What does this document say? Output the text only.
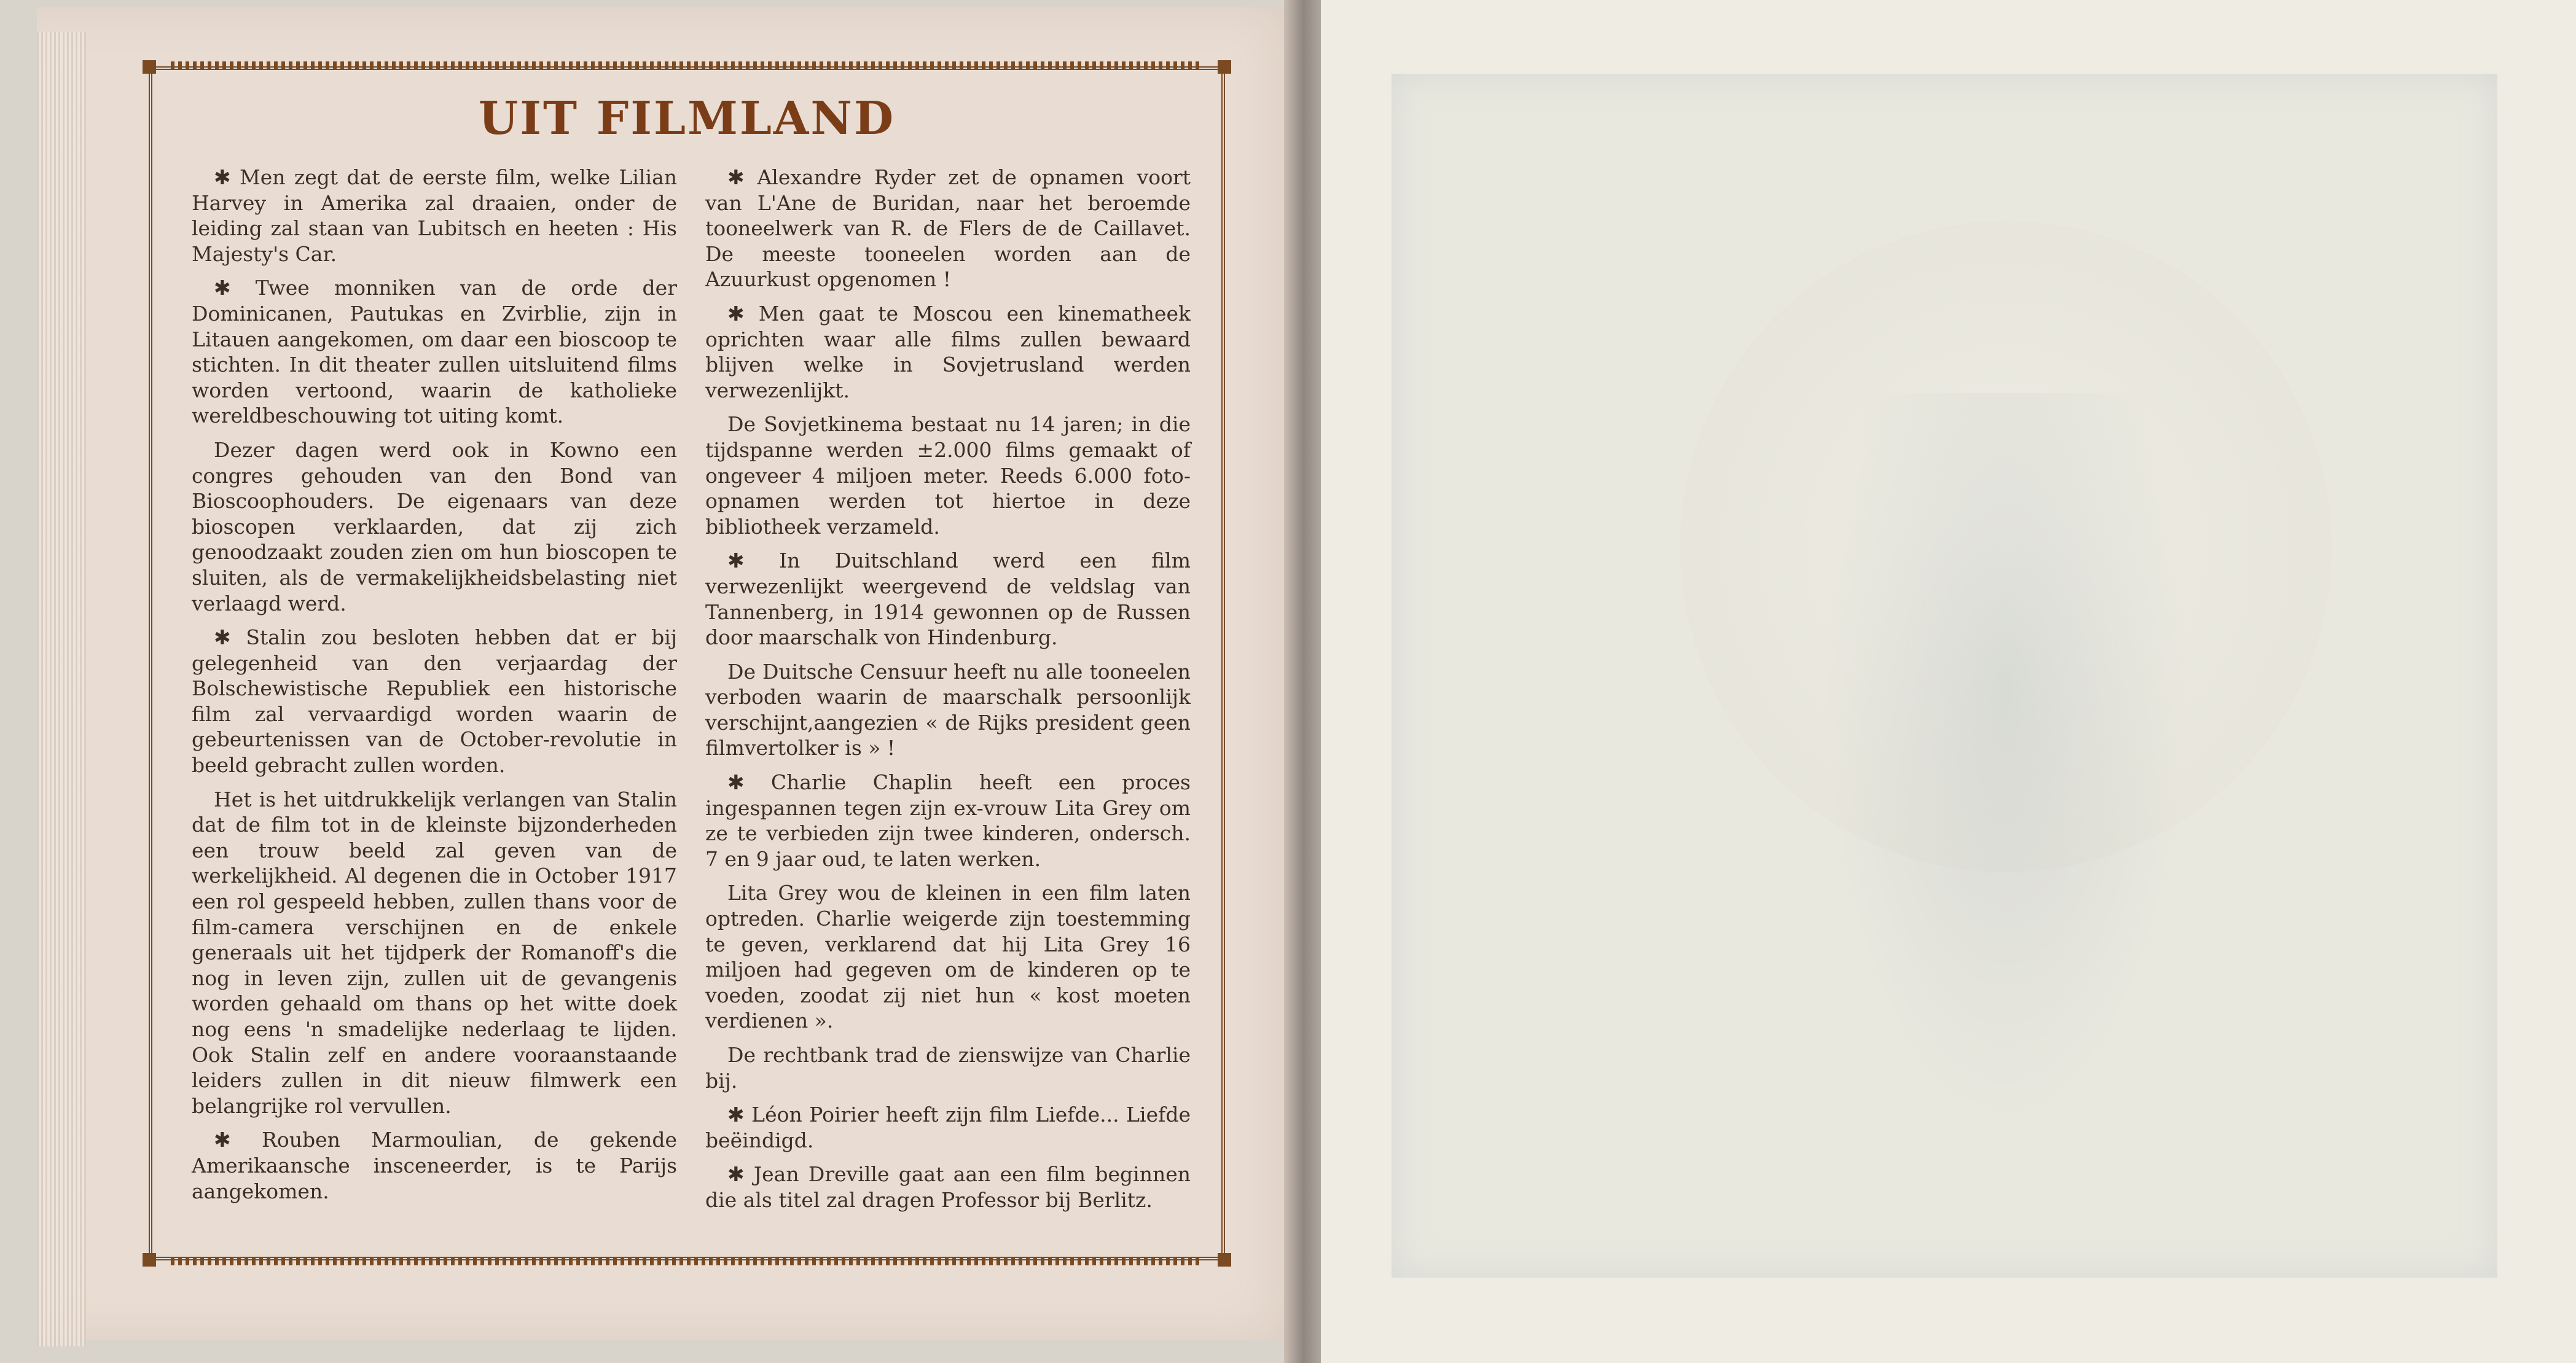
UIT FILMLAND

✱ Men zegt dat de eerste film, welke Lilian Harvey in Amerika zal draaien, onder de leiding zal staan van Lubitsch en heeten : His Majesty's Car.

✱ Twee monniken van de orde der Dominicanen, Pautukas en Zvirblie, zijn in Litauen aangekomen, om daar een bioscoop te stichten. In dit theater zullen uitsluitend films worden vertoond, waarin de katholieke wereldbeschouwing tot uiting komt.

Dezer dagen werd ook in Kowno een congres gehouden van den Bond van Bioscoophouders. De eigenaars van deze bioscopen verklaarden, dat zij zich genoodzaakt zouden zien om hun bioscopen te sluiten, als de vermakelijkheidsbelasting niet verlaagd werd.

✱ Stalin zou besloten hebben dat er bij gelegenheid van den verjaardag der Bolschewistische Republiek een historische film zal vervaardigd worden waarin de gebeurtenissen van de October-revolutie in beeld gebracht zullen worden.

Het is het uitdrukkelijk verlangen van Stalin dat de film tot in de kleinste bijzonderheden een trouw beeld zal geven van de werkelijkheid. Al degenen die in October 1917 een rol gespeeld hebben, zullen thans voor de film-camera verschijnen en de enkele generaals uit het tijdperk der Romanoff's die nog in leven zijn, zullen uit de gevangenis worden gehaald om thans op het witte doek nog eens 'n smadelijke nederlaag te lijden. Ook Stalin zelf en andere vooraanstaande leiders zullen in dit nieuw filmwerk een belangrijke rol vervullen.

✱ Rouben Marmoulian, de gekende Amerikaansche insceneerder, is te Parijs aangekomen.

✱ Alexandre Ryder zet de opnamen voort van L'Ane de Buridan, naar het beroemde tooneelwerk van R. de Flers de de Caillavet. De meeste tooneelen worden aan de Azuurkust opgenomen !

✱ Men gaat te Moscou een kinematheek oprichten waar alle films zullen bewaard blijven welke in Sovjetrusland werden verwezenlijkt.

De Sovjetkinema bestaat nu 14 jaren; in die tijdspanne werden ±2.000 films gemaakt of ongeveer 4 miljoen meter. Reeds 6.000 foto-opnamen werden tot hiertoe in deze bibliotheek verzameld.

✱ In Duitschland werd een film verwezenlijkt weergevend de veldslag van Tannenberg, in 1914 gewonnen op de Russen door maarschalk von Hindenburg.

De Duitsche Censuur heeft nu alle tooneelen verboden waarin de maarschalk persoonlijk verschijnt,aangezien « de Rijks president geen filmvertolker is » !

✱ Charlie Chaplin heeft een proces ingespannen tegen zijn ex-vrouw Lita Grey om ze te verbieden zijn twee kinderen, ondersch. 7 en 9 jaar oud, te laten werken.

Lita Grey wou de kleinen in een film laten optreden. Charlie weigerde zijn toestemming te geven, verklarend dat hij Lita Grey 16 miljoen had gegeven om de kinderen op te voeden, zoodat zij niet hun « kost moeten verdienen ».

De rechtbank trad de zienswijze van Charlie bij.

✱ Léon Poirier heeft zijn film Liefde... Liefde beëindigd.

✱ Jean Dreville gaat aan een film beginnen die als titel zal dragen Professor bij Berlitz.
